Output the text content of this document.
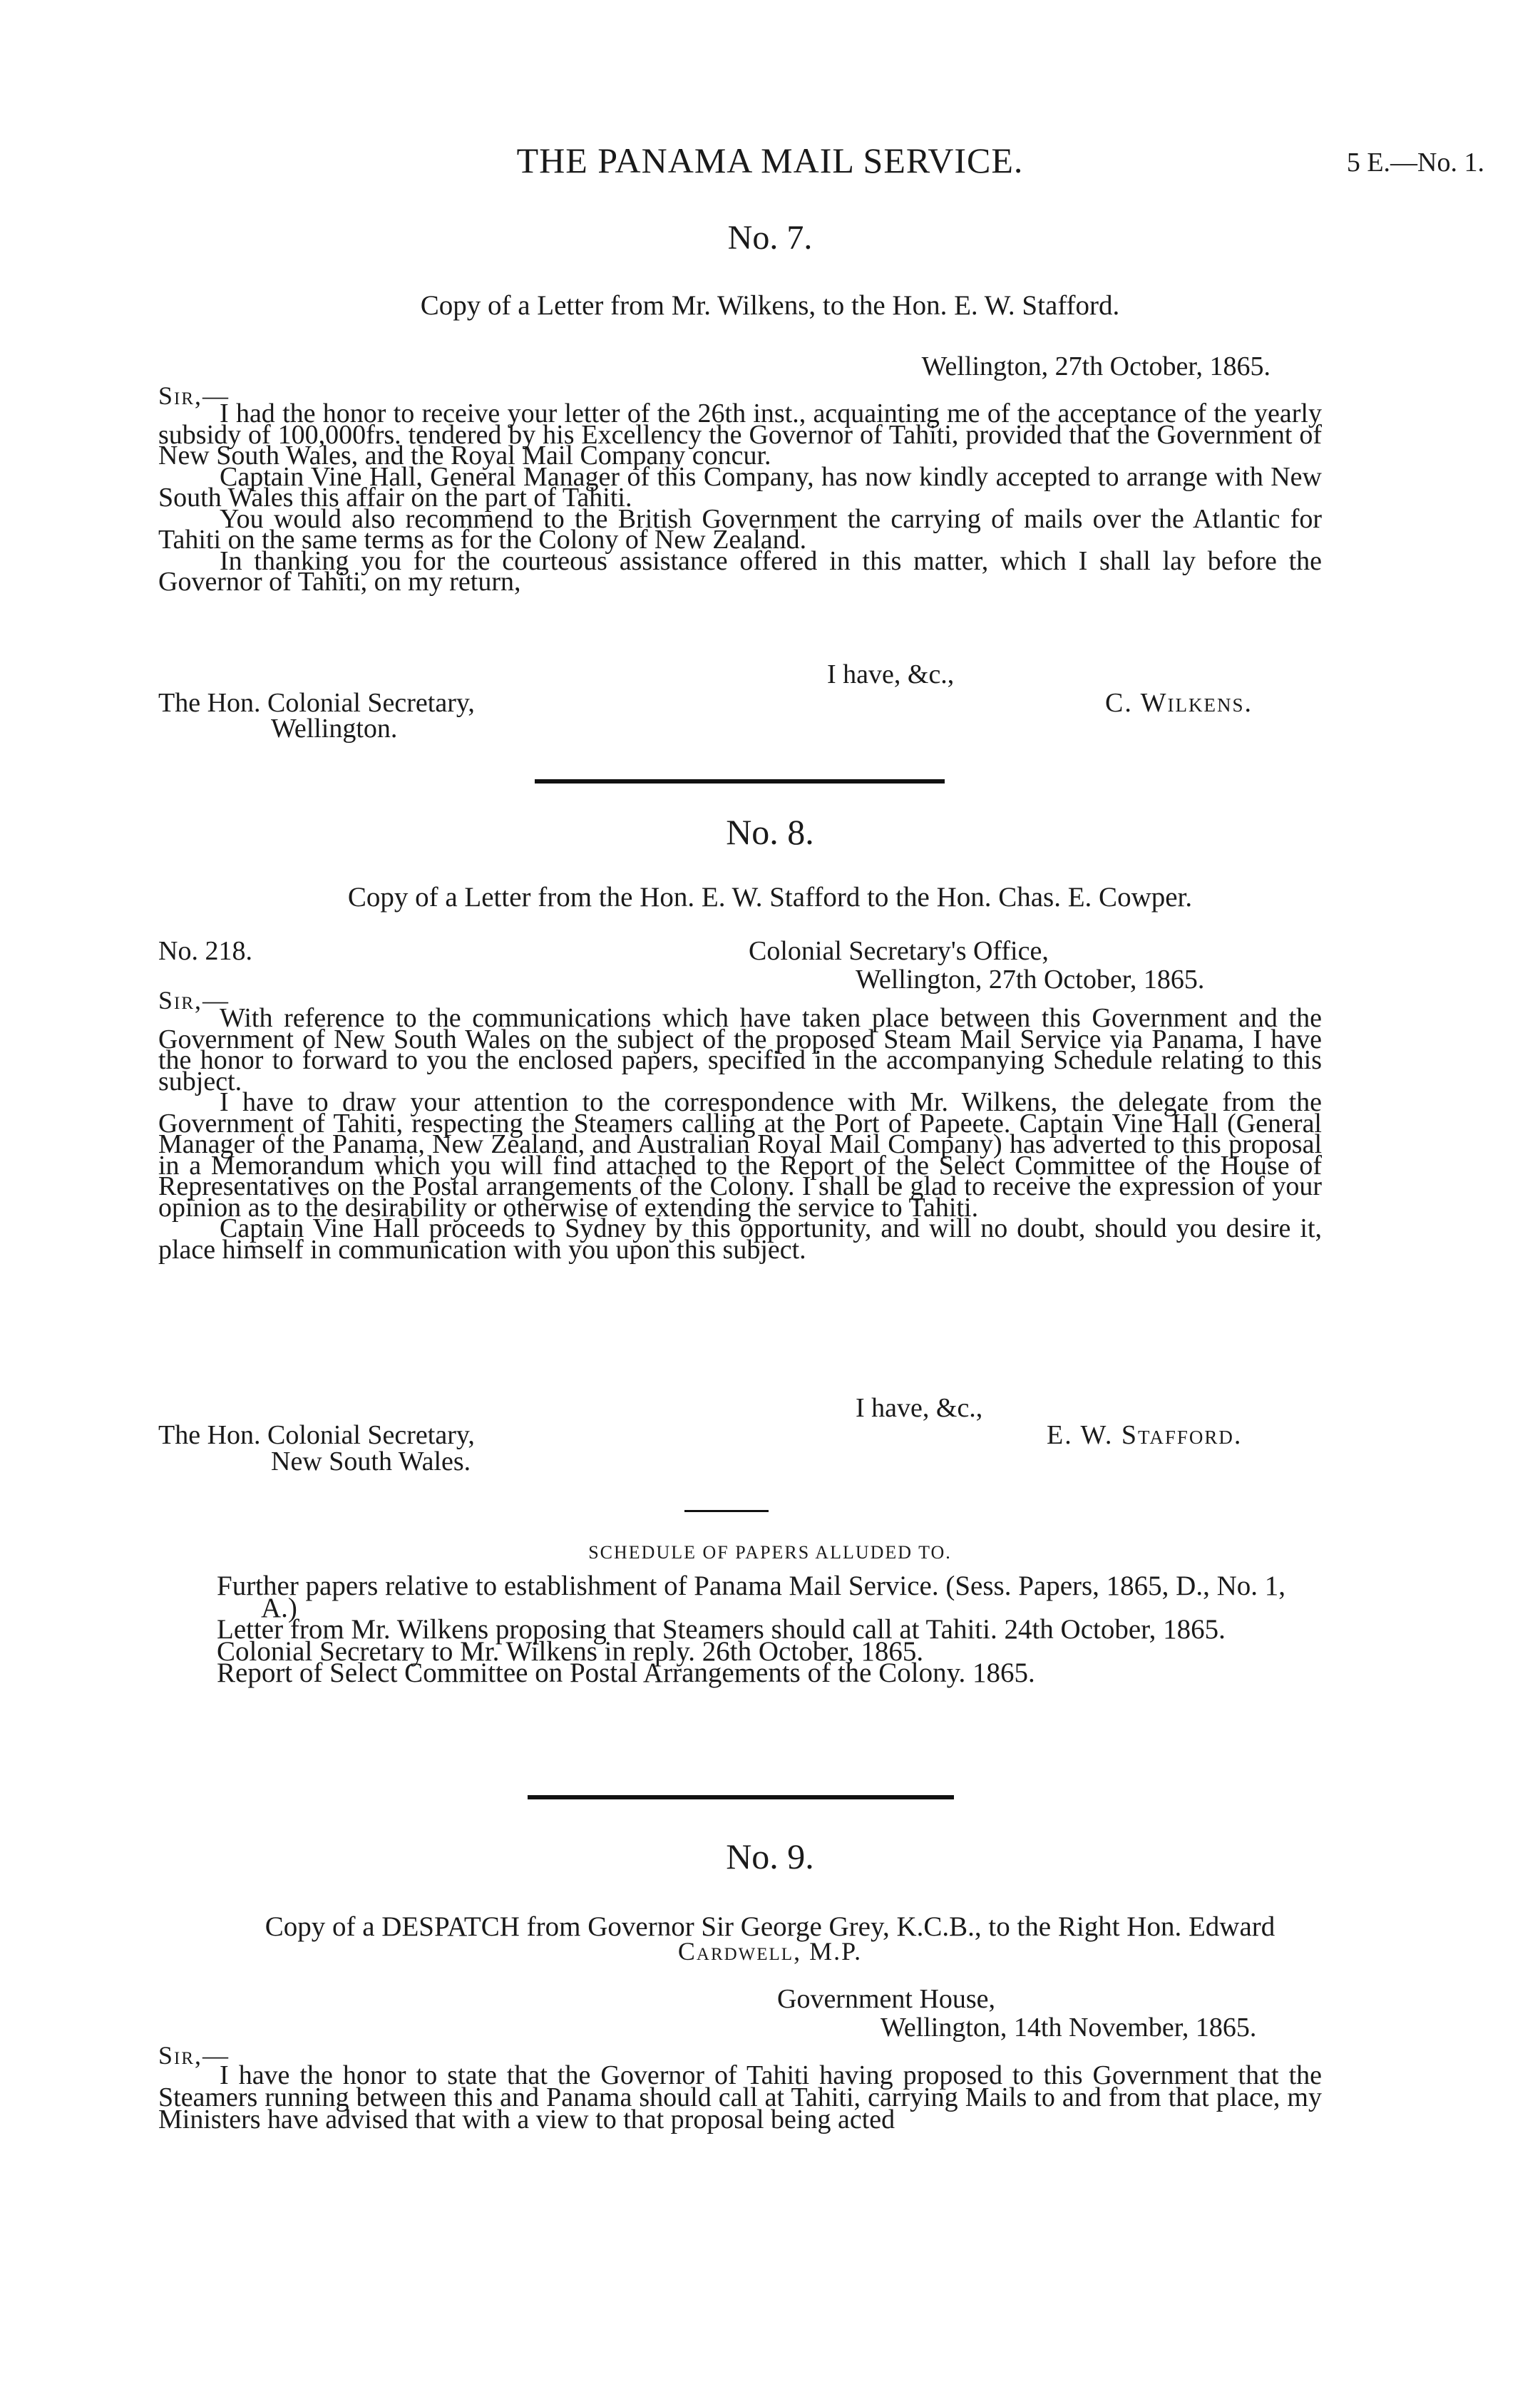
THE PANAMA MAIL SERVICE.	5 E.—No. 1.
No. 7.
Copy of a Letter from Mr. Wilkens, to the Hon. E. W. Stafford.
Wellington, 27th October, 1865.
Sir,—

I had the honor to receive your letter of the 26th inst., acquainting me of the acceptance of the yearly subsidy of 100,000frs. tendered by his Excellency the Governor of Tahiti, provided that the Government of New South Wales, and the Royal Mail Company concur.

Captain Vine Hall, General Manager of this Company, has now kindly accepted to arrange with New South Wales this affair on the part of Tahiti.

You would also recommend to the British Government the carrying of mails over the Atlantic for Tahiti on the same terms as for the Colony of New Zealand.

In thanking you for the courteous assistance offered in this matter, which I shall lay before the Governor of Tahiti, on my return,

I have, &c.,
The Hon. Colonial Secretary,	C. Wilkens.
Wellington.
No. 8.
Copy of a Letter from the Hon. E. W. Stafford to the Hon. Chas. E. Cowper.
No. 218.	Colonial Secretary's Office,
Wellington, 27th October, 1865.
Sir,—

With reference to the communications which have taken place between this Government and the Government of New South Wales on the subject of the proposed Steam Mail Service via Panama, I have the honor to forward to you the enclosed papers, specified in the accompanying Schedule relating to this subject.

I have to draw your attention to the correspondence with Mr. Wilkens, the delegate from the Government of Tahiti, respecting the Steamers calling at the Port of Papeete. Captain Vine Hall (General Manager of the Panama, New Zealand, and Australian Royal Mail Company) has adverted to this proposal in a Memorandum which you will find attached to the Report of the Select Committee of the House of Representatives on the Postal arrangements of the Colony. I shall be glad to receive the expression of your opinion as to the desirability or otherwise of extending the service to Tahiti.

Captain Vine Hall proceeds to Sydney by this opportunity, and will no doubt, should you desire it, place himself in communication with you upon this subject.

I have, &c.,
The Hon. Colonial Secretary,	E. W. Stafford.
New South Wales.
SCHEDULE OF PAPERS ALLUDED TO.

Further papers relative to establishment of Panama Mail Service. (Sess. Papers, 1865, D., No. 1, A.)

Letter from Mr. Wilkens proposing that Steamers should call at Tahiti. 24th October, 1865.

Colonial Secretary to Mr. Wilkens in reply. 26th October, 1865.

Report of Select Committee on Postal Arrangements of the Colony. 1865.

No. 9.
Copy of a DESPATCH from Governor Sir George Grey, K.C.B., to the Right Hon. Edward
Cardwell, M.P.
Government House,
Wellington, 14th November, 1865.
Sir,—

I have the honor to state that the Governor of Tahiti having proposed to this Government that the Steamers running between this and Panama should call at Tahiti, carrying Mails to and from that place, my Ministers have advised that with a view to that proposal being acted
